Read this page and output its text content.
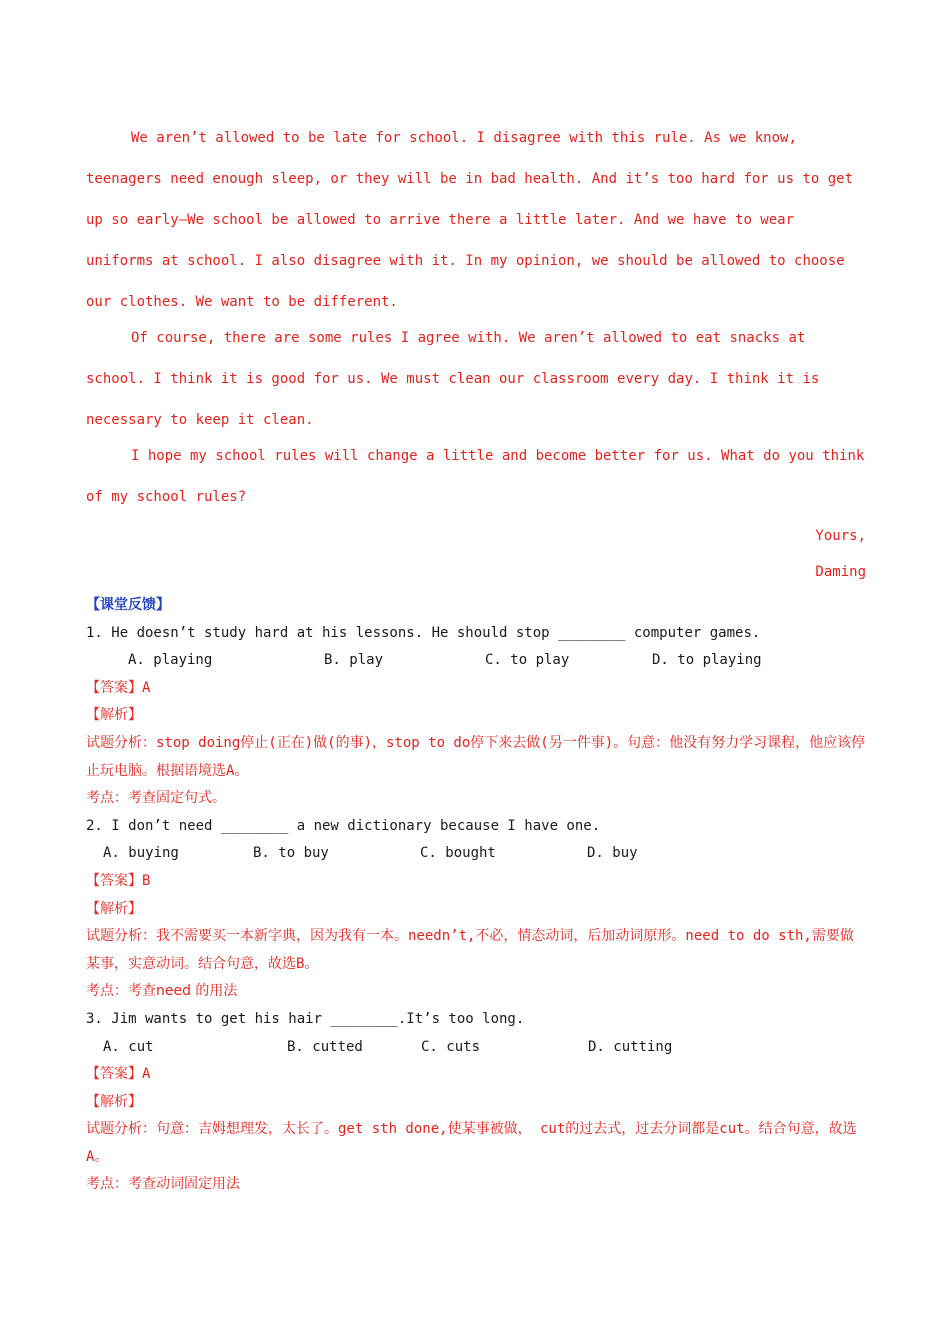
We aren’t allowed to be late for school. I disagree with this rule. As we know, teenagers need enough sleep, or they will be in bad health. And it’s too hard for us to get up so early—We school be allowed to arrive there a little later. And we have to wear uniforms at school. I also disagree with it. In my opinion, we should be allowed to choose our clothes. We want to be different.

Of course, there are some rules I agree with. We aren’t allowed to eat snacks at school. I think it is good for us. We must clean our classroom every day. I think it is necessary to keep it clean.

I hope my school rules will change a little and become better for us. What do you think of my school rules?

Yours,
Daming
【课堂反馈】
1. He doesn’t study hard at his lessons. He should stop ________ computer games.
A. playing	B. play	C. to play	D. to playing
【答案】A
【解析】
试题分析：stop doing停止(正在)做(的事)，stop to do停下来去做(另一件事)。句意：他没有努力学习课程，他应该停止玩电脑。根据语境选A。
考点：考查固定句式。
2. I don’t need ________ a new dictionary because I have one.
A. buying	B. to buy	C. bought	D. buy
【答案】B
【解析】
试题分析：我不需要买一本新字典，因为我有一本。needn’t,不必，情态动词，后加动词原形。need to do sth,需要做某事，实意动词。结合句意，故选B。
考点：考查need 的用法
3. Jim wants to get his hair ________.It’s too long.
A. cut	B. cutted	C. cuts	D. cutting
【答案】A
【解析】
试题分析：句意：吉姆想理发，太长了。get sth done,使某事被做， cut的过去式，过去分词都是cut。结合句意，故选A。
考点：考查动词固定用法
